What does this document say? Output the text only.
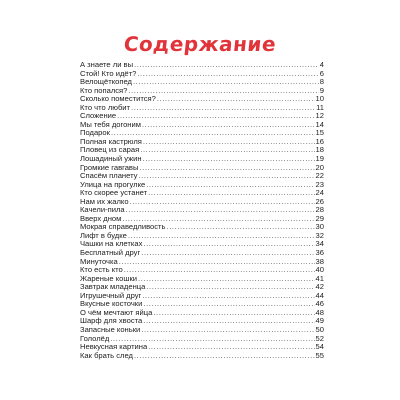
Содержание
А знаете ли вы .....	4
Стой! Кто идёт? .....	6
Велощёткопед .....	8
Кто попался? .....	9
Сколько поместится? .....	10
Кто что любит .....	11
Сложение .....	12
Мы тебя догоним .....	14
Подарок .....	15
Полная кастрюля .....	16
Пловец из сарая .....	18
Лошадиный ужин .....	19
Громкие гавгавы .....	20
Спасём планету .....	22
Улица на прогулке .....	23
Кто скорее устанет .....	24
Нам их жалко .....	26
Качели-пила .....	28
Вверх дном .....	29
Мокрая справедливость .....	30
Лифт в будке .....	32
Чашки на клетках .....	34
Бесплатный друг .....	36
Минуточка .....	38
Кто есть кто .....	40
Жареные кошки .....	41
Завтрак младенца .....	42
Игрушечный друг .....	44
Вкусные косточки .....	46
О чём мечтают яйца .....	48
Шарф для хвоста .....	49
Запасные коньки .....	50
Гололёд .....	52
Невкусная картина .....	54
Как брать след .....	55
